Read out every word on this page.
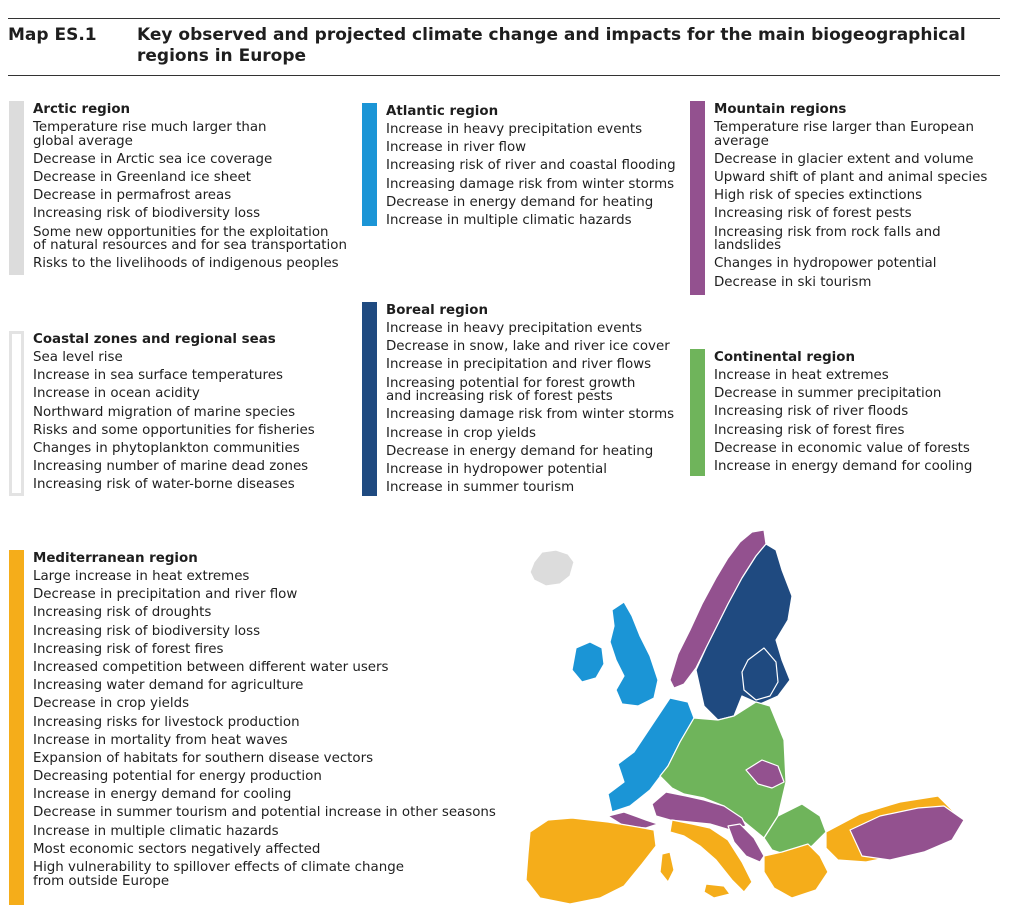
Map ES.1 Key observed and projected climate change and impacts for the main biogeographical
regions in Europe
Arctic region
Temperature rise much larger than
global average
Decrease in Arctic sea ice coverage
Decrease in Greenland ice sheet
Decrease in permafrost areas
Increasing risk of biodiversity loss
Some new opportunities for the exploitation
of natural resources and for sea transportation
Risks to the livelihoods of indigenous peoples
Atlantic region
Increase in heavy precipitation events
Increase in river flow
Increasing risk of river and coastal flooding
Increasing damage risk from winter storms
Decrease in energy demand for heating
Increase in multiple climatic hazards
Mountain regions
Temperature rise larger than European
average
Decrease in glacier extent and volume
Upward shift of plant and animal species
High risk of species extinctions
Increasing risk of forest pests
Increasing risk from rock falls and
landslides
Changes in hydropower potential
Decrease in ski tourism
Coastal zones and regional seas
Sea level rise
Increase in sea surface temperatures
Increase in ocean acidity
Northward migration of marine species
Risks and some opportunities for fisheries
Changes in phytoplankton communities
Increasing number of marine dead zones
Increasing risk of water-borne diseases
Boreal region
Increase in heavy precipitation events
Decrease in snow, lake and river ice cover
Increase in precipitation and river flows
Increasing potential for forest growth
and increasing risk of forest pests
Increasing damage risk from winter storms
Increase in crop yields
Decrease in energy demand for heating
Increase in hydropower potential
Increase in summer tourism
Continental region
Increase in heat extremes
Decrease in summer precipitation
Increasing risk of river floods
Increasing risk of forest fires
Decrease in economic value of forests
Increase in energy demand for cooling
Mediterranean region
Large increase in heat extremes
Decrease in precipitation and river flow
Increasing risk of droughts
Increasing risk of biodiversity loss
Increasing risk of forest fires
Increased competition between different water users
Increasing water demand for agriculture
Decrease in crop yields
Increasing risks for livestock production
Increase in mortality from heat waves
Expansion of habitats for southern disease vectors
Decreasing potential for energy production
Increase in energy demand for cooling
Decrease in summer tourism and potential increase in other seasons
Increase in multiple climatic hazards
Most economic sectors negatively affected
High vulnerability to spillover effects of climate change
from outside Europe
